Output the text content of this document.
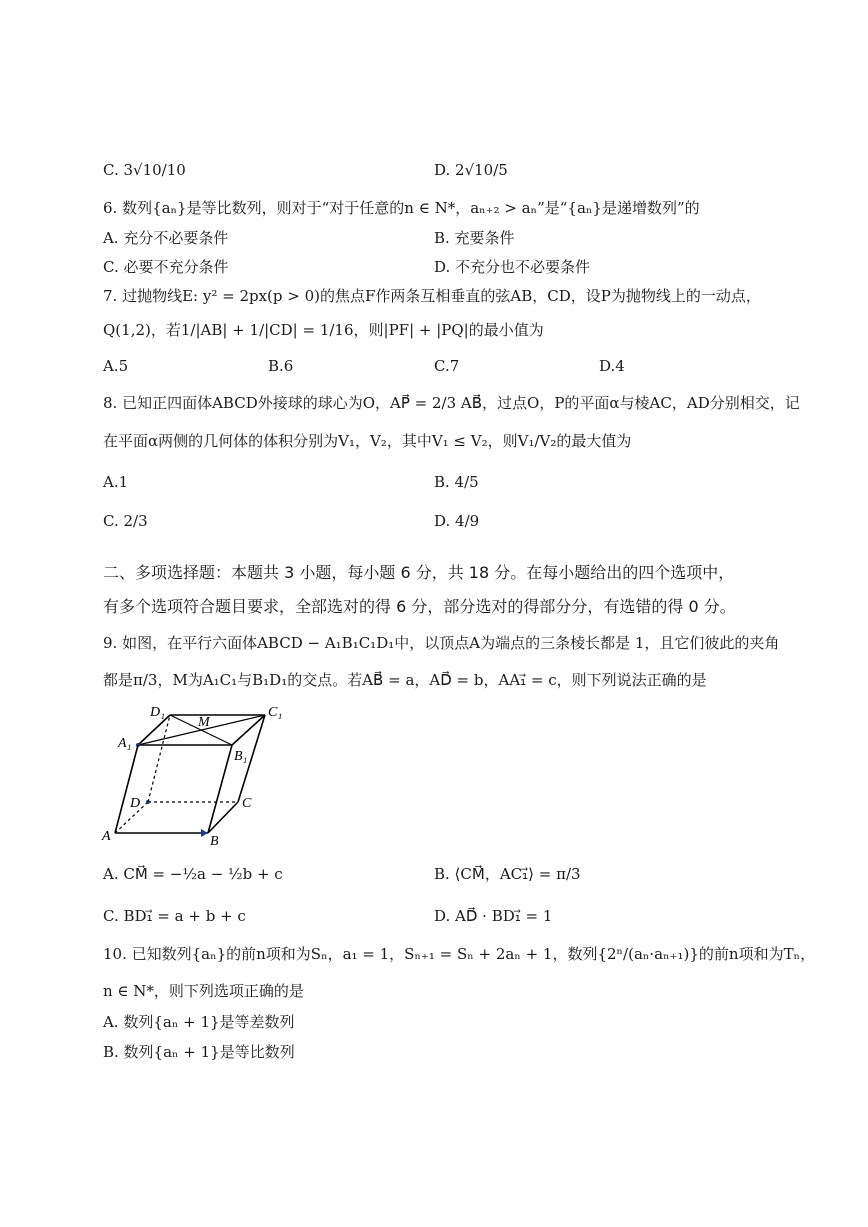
C. 3√10/10	D. 2√10/5
6. 数列{aₙ}是等比数列，则对于“对于任意的n ∈ N*，aₙ₊₂ > aₙ”是“{aₙ}是递增数列”的
A. 充分不必要条件	B. 充要条件
C. 必要不充分条件	D. 不充分也不必要条件
7. 过抛物线E: y² = 2px(p > 0)的焦点F作两条互相垂直的弦AB，CD，设P为抛物线上的一动点，
Q(1,2)，若1/|AB| + 1/|CD| = 1/16，则|PF| + |PQ|的最小值为
A.5	B.6	C.7	D.4
8. 已知正四面体ABCD外接球的球心为O，AP⃗ = 2/3 AB⃗，过点O，P的平面α与棱AC，AD分别相交，记
在平面α两侧的几何体的体积分别为V₁，V₂，其中V₁ ≤ V₂，则V₁/V₂的最大值为
A.1	B. 4/5
C. 2/3	D. 4/9
二、多项选择题：本题共 3 小题，每小题 6 分，共 18 分。在每小题给出的四个选项中，
有多个选项符合题目要求，全部选对的得 6 分，部分选对的得部分分，有选错的得 0 分。
9. 如图，在平行六面体ABCD − A₁B₁C₁D₁中，以顶点A为端点的三条棱长都是 1，且它们彼此的夹角
都是π/3，M为A₁C₁与B₁D₁的交点。若AB⃗ = a，AD⃗ = b，AA₁⃗ = c，则下列说法正确的是
D₁
M
C₁
A₁
B₁
D	C
A	B
A. CM⃗ = −½a − ½b + c	B. ⟨CM⃗，AC₁⃗⟩ = π/3
C. BD₁⃗ = a + b + c	D. AD⃗ · BD₁⃗ = 1
10. 已知数列{aₙ}的前n项和为Sₙ，a₁ = 1，Sₙ₊₁ = Sₙ + 2aₙ + 1，数列{2ⁿ/(aₙ·aₙ₊₁)}的前n项和为Tₙ，
n ∈ N*，则下列选项正确的是
A. 数列{aₙ + 1}是等差数列
B. 数列{aₙ + 1}是等比数列
